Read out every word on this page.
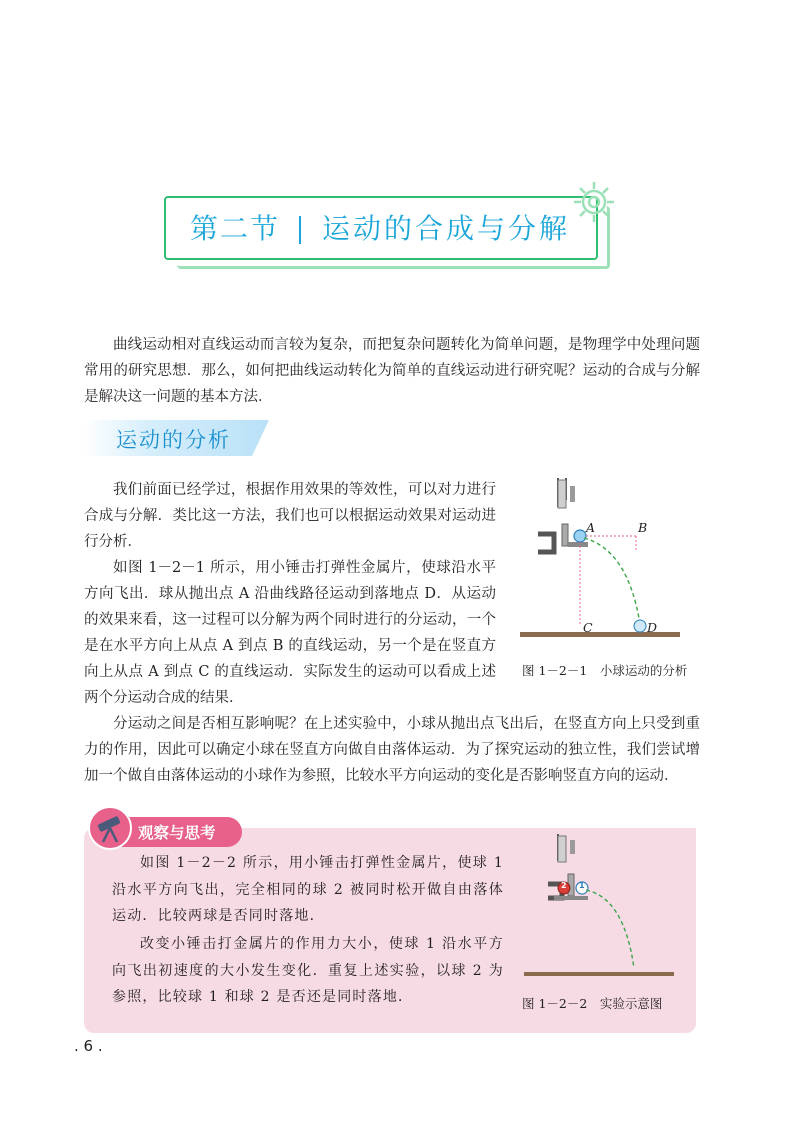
第二节 运动的合成与分解

曲线运动相对直线运动而言较为复杂，而把复杂问题转化为简单问题，是物理学中处理问题常用的研究思想．那么，如何把曲线运动转化为简单的直线运动进行研究呢？运动的合成与分解是解决这一问题的基本方法．

运动的分析

我们前面已经学过，根据作用效果的等效性，可以对力进行合成与分解．类比这一方法，我们也可以根据运动效果对运动进行分析．

如图 1－2－1 所示，用小锤击打弹性金属片，使球沿水平方向飞出．球从抛出点 A 沿曲线路径运动到落地点 D．从运动的效果来看，这一过程可以分解为两个同时进行的分运动，一个是在水平方向上从点 A 到点 B 的直线运动，另一个是在竖直方向上从点 A 到点 C 的直线运动．实际发生的运动可以看成上述两个分运动合成的结果．

分运动之间是否相互影响呢？在上述实验中，小球从抛出点飞出后，在竖直方向上只受到重力的作用，因此可以确定小球在竖直方向做自由落体运动．为了探究运动的独立性，我们尝试增加一个做自由落体运动的小球作为参照，比较水平方向运动的变化是否影响竖直方向的运动．

A	B
C	D
图 1－2－1　小球运动的分析
观察与思考

如图 1－2－2 所示，用小锤击打弹性金属片，使球 1 沿水平方向飞出，完全相同的球 2 被同时松开做自由落体运动．比较两球是否同时落地．

改变小锤击打金属片的作用力大小，使球 1 沿水平方向飞出初速度的大小发生变化．重复上述实验，以球 2 为参照，比较球 1 和球 2 是否还是同时落地．

2 1
图 1－2－2　实验示意图
. 6 .
